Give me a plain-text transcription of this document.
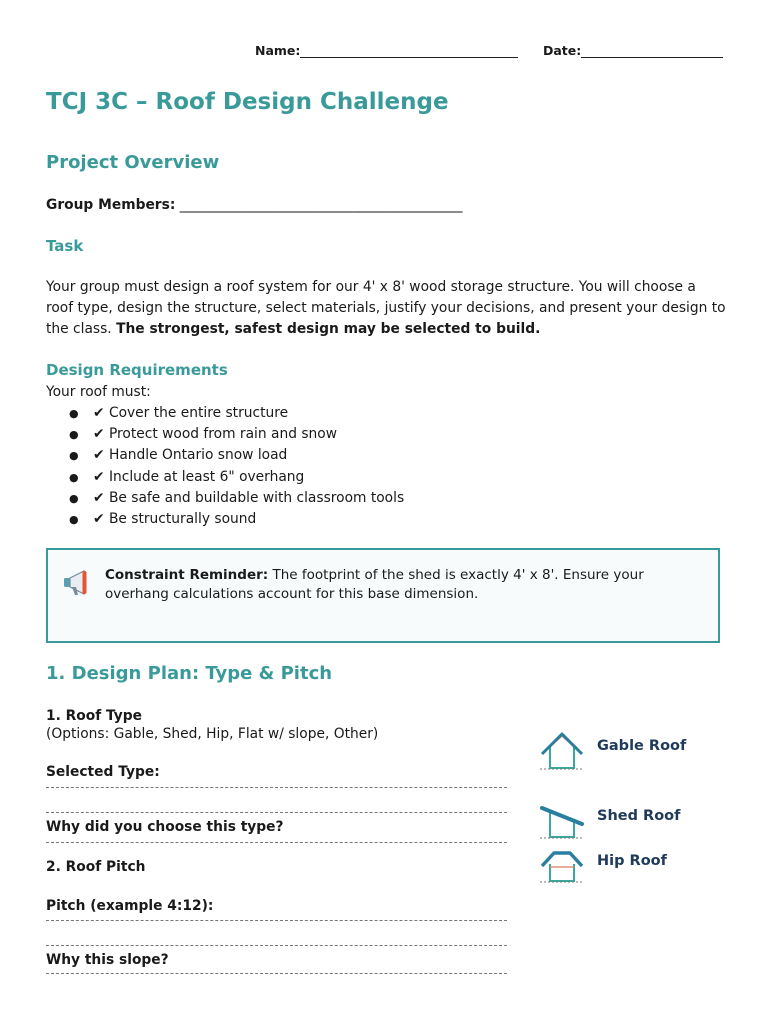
Name:	Date:
TCJ 3C – Roof Design Challenge
Project Overview
Group Members: _________________________________________
Task
Your group must design a roof system for our 4' x 8' wood storage structure. You will choose a roof type, design the structure, select materials, justify your decisions, and present your design to the class. The strongest, safest design may be selected to build.
Design Requirements
Your roof must:
● ✔ Cover the entire structure
● ✔ Protect wood from rain and snow
● ✔ Handle Ontario snow load
● ✔ Include at least 6" overhang
● ✔ Be safe and buildable with classroom tools
● ✔ Be structurally sound
Constraint Reminder: The footprint of the shed is exactly 4' x 8'. Ensure your overhang calculations account for this base dimension.
1. Design Plan: Type & Pitch
1. Roof Type
(Options: Gable, Shed, Hip, Flat w/ slope, Other)
Selected Type:
Why did you choose this type?
2. Roof Pitch
Pitch (example 4:12):
Why this slope?
Gable Roof
Shed Roof
Hip Roof
